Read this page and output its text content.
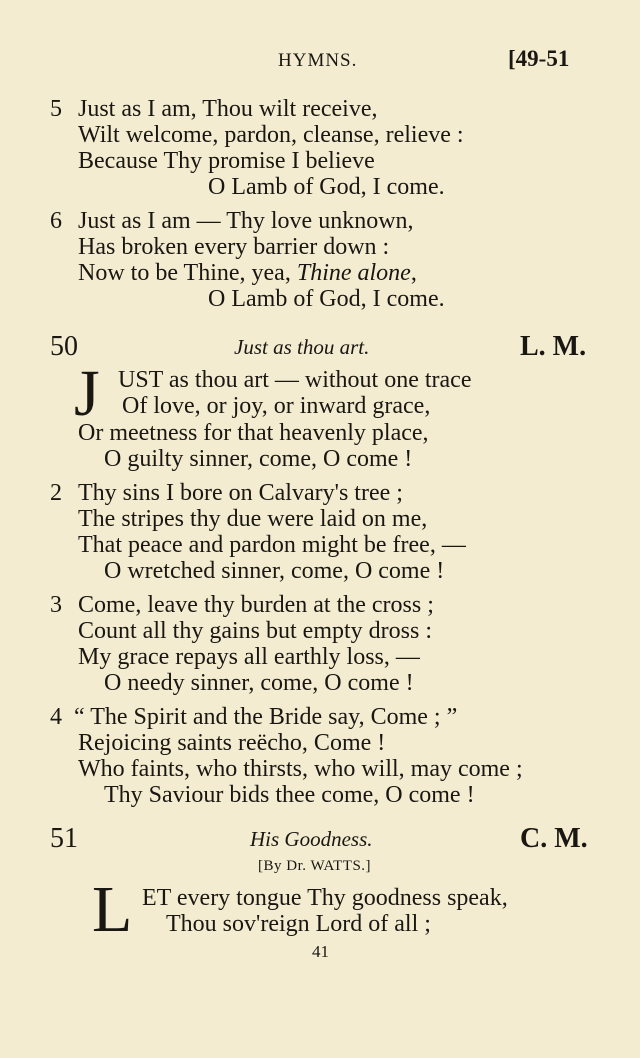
HYMNS.	[49-51
5 Just as I am, Thou wilt receive,
Wilt welcome, pardon, cleanse, relieve :
Because Thy promise I believe
O Lamb of God, I come.
6 Just as I am — Thy love unknown,
Has broken every barrier down :
Now to be Thine, yea, Thine alone,
O Lamb of God, I come.
50	Just as thou art.	L. M.
J UST as thou art — without one trace
Of love, or joy, or inward grace,
Or meetness for that heavenly place,
O guilty sinner, come, O come !
2 Thy sins I bore on Calvary's tree ;
The stripes thy due were laid on me,
That peace and pardon might be free, —
O wretched sinner, come, O come !
3 Come, leave thy burden at the cross ;
Count all thy gains but empty dross :
My grace repays all earthly loss, —
O needy sinner, come, O come !
4 “ The Spirit and the Bride say, Come ; ”
Rejoicing saints reëcho, Come !
Who faints, who thirsts, who will, may come ;
Thy Saviour bids thee come, O come !
51	His Goodness.	C. M.
[By Dr. WATTS.]
L ET every tongue Thy goodness speak,
Thou sov'reign Lord of all ;
41
